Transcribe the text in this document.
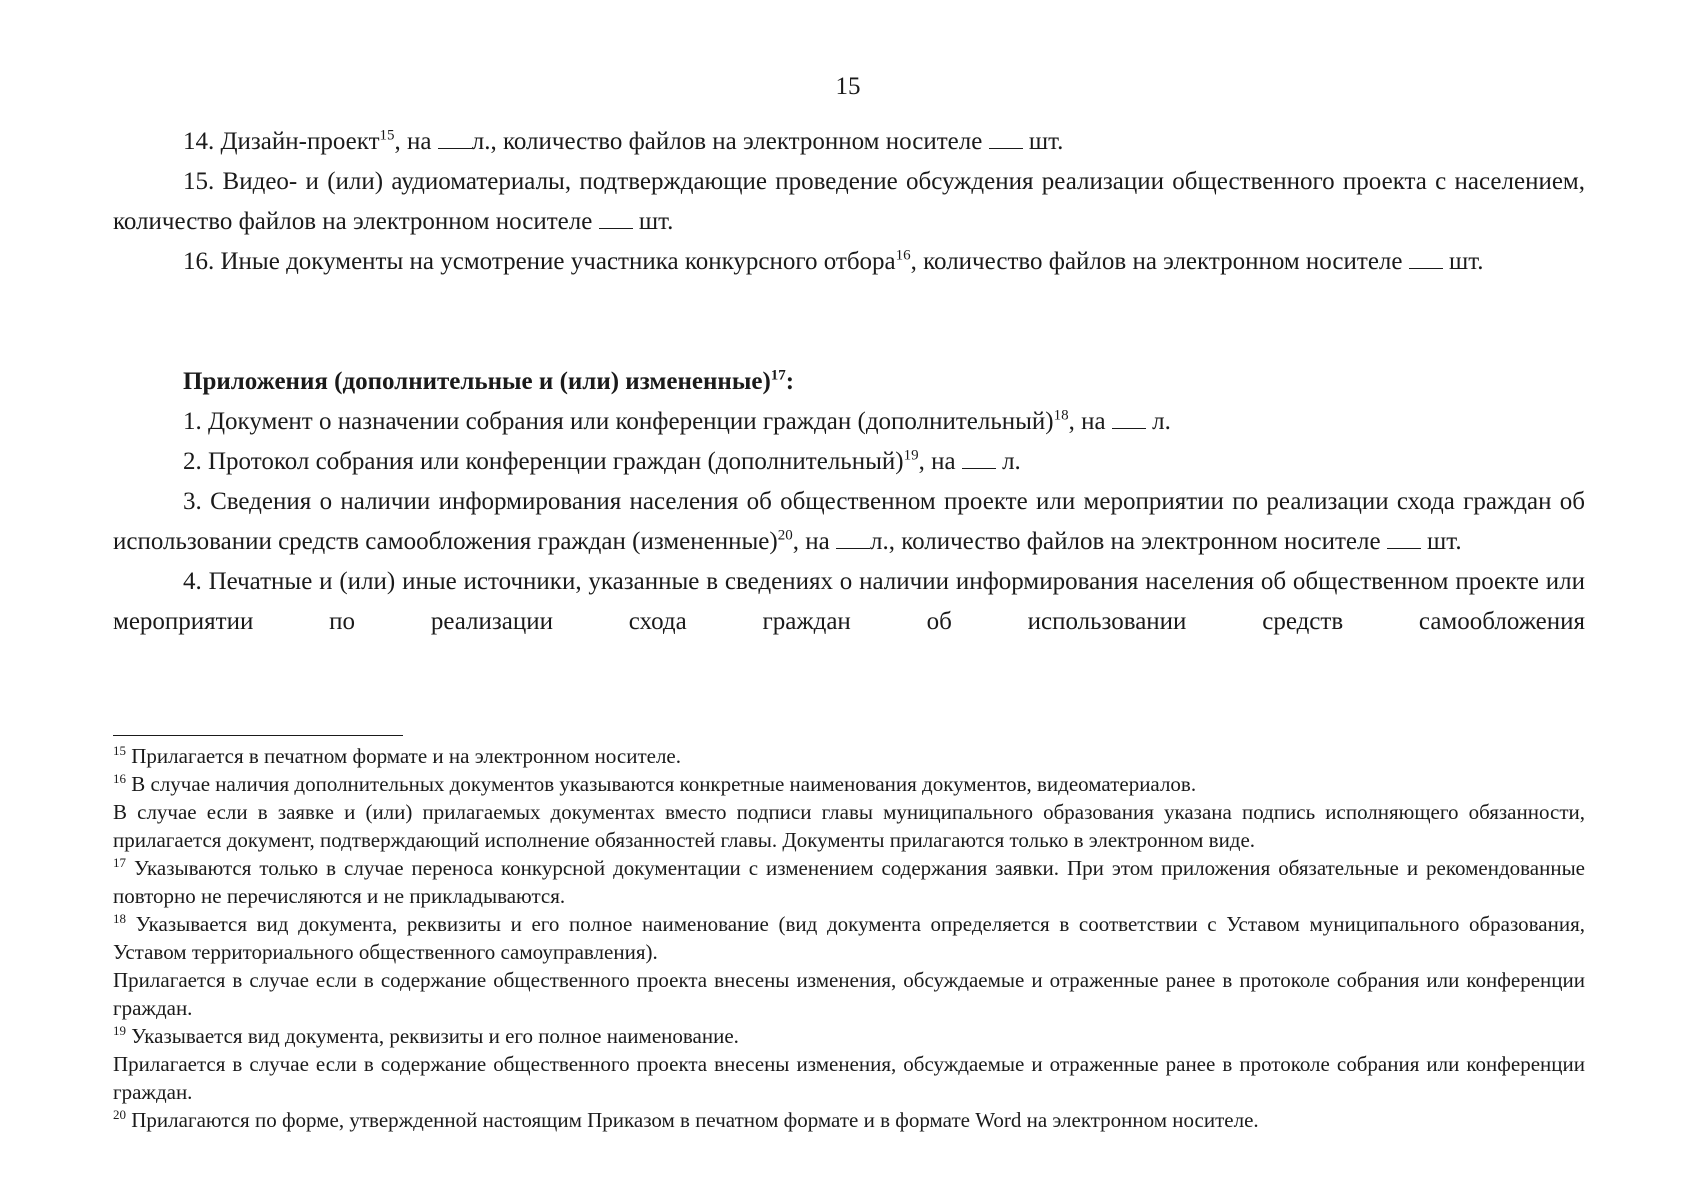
15

14. Дизайн-проект$^{15}$, на л., количество файлов на электронном носителе  шт.

15. Видео- и (или) аудиоматериалы, подтверждающие проведение обсуждения реализации общественного проекта с населением, количество файлов на электронном носителе  шт.

16. Иные документы на усмотрение участника конкурсного отбора$^{16}$, количество файлов на электронном носителе  шт.

Приложения (дополнительные и (или) измененные)$^{17}$:

1. Документ о назначении собрания или конференции граждан (дополнительный)$^{18}$, на  л.

2. Протокол собрания или конференции граждан (дополнительный)$^{19}$, на  л.

3. Сведения о наличии информирования населения об общественном проекте или мероприятии по реализации схода граждан об использовании средств самообложения граждан (измененные)$^{20}$, на л., количество файлов на электронном носителе  шт.

4. Печатные и (или) иные источники, указанные в сведениях о наличии информирования населения об общественном проекте или мероприятии по реализации схода граждан об использовании средств самообложения

$^{15}$ Прилагается в печатном формате и на электронном носителе.

$^{16}$ В случае наличия дополнительных документов указываются конкретные наименования документов, видеоматериалов.

В случае если в заявке и (или) прилагаемых документах вместо подписи главы муниципального образования указана подпись исполняющего обязанности, прилагается документ, подтверждающий исполнение обязанностей главы. Документы прилагаются только в электронном виде.

$^{17}$ Указываются только в случае переноса конкурсной документации с изменением содержания заявки. При этом приложения обязательные и рекомендованные повторно не перечисляются и не прикладываются.

$^{18}$ Указывается вид документа, реквизиты и его полное наименование (вид документа определяется в соответствии с Уставом муниципального образования, Уставом территориального общественного самоуправления).

Прилагается в случае если в содержание общественного проекта внесены изменения, обсуждаемые и отраженные ранее в протоколе собрания или конференции граждан.

$^{19}$ Указывается вид документа, реквизиты и его полное наименование.

Прилагается в случае если в содержание общественного проекта внесены изменения, обсуждаемые и отраженные ранее в протоколе собрания или конференции граждан.

$^{20}$ Прилагаются по форме, утвержденной настоящим Приказом в печатном формате и в формате Word на электронном носителе.
